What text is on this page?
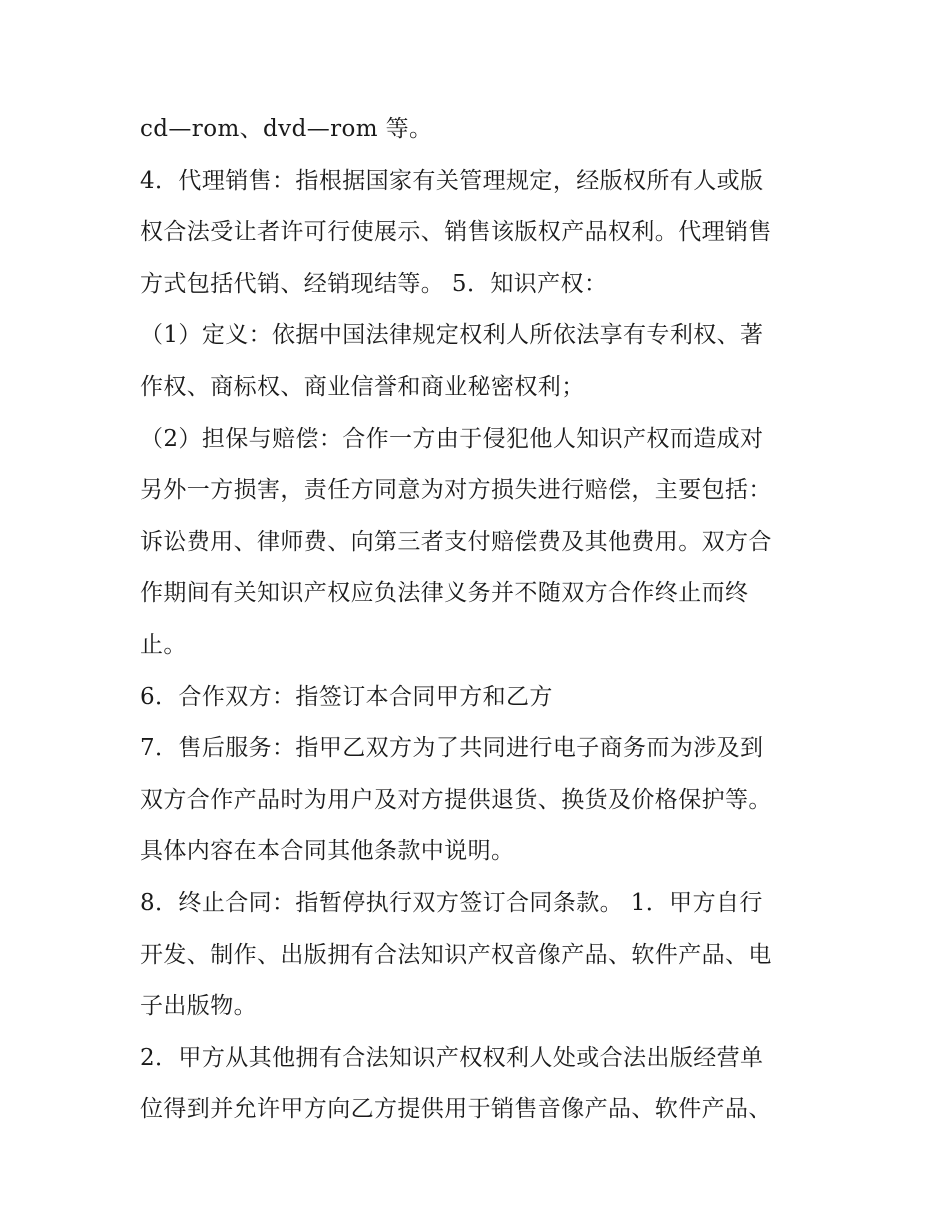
cd—rom、dvd—rom 等。
4．代理销售：指根据国家有关管理规定，经版权所有人或版
权合法受让者许可行使展示、销售该版权产品权利。代理销售
方式包括代销、经销现结等。 5．知识产权：
（1）定义：依据中国法律规定权利人所依法享有专利权、著
作权、商标权、商业信誉和商业秘密权利；
（2）担保与赔偿：合作一方由于侵犯他人知识产权而造成对
另外一方损害，责任方同意为对方损失进行赔偿，主要包括：
诉讼费用、律师费、向第三者支付赔偿费及其他费用。双方合
作期间有关知识产权应负法律义务并不随双方合作终止而终
止。
6．合作双方：指签订本合同甲方和乙方
7．售后服务：指甲乙双方为了共同进行电子商务而为涉及到
双方合作产品时为用户及对方提供退货、换货及价格保护等。
具体内容在本合同其他条款中说明。
8．终止合同：指暂停执行双方签订合同条款。 1．甲方自行
开发、制作、出版拥有合法知识产权音像产品、软件产品、电
子出版物。
2．甲方从其他拥有合法知识产权权利人处或合法出版经营单
位得到并允许甲方向乙方提供用于销售音像产品、软件产品、
